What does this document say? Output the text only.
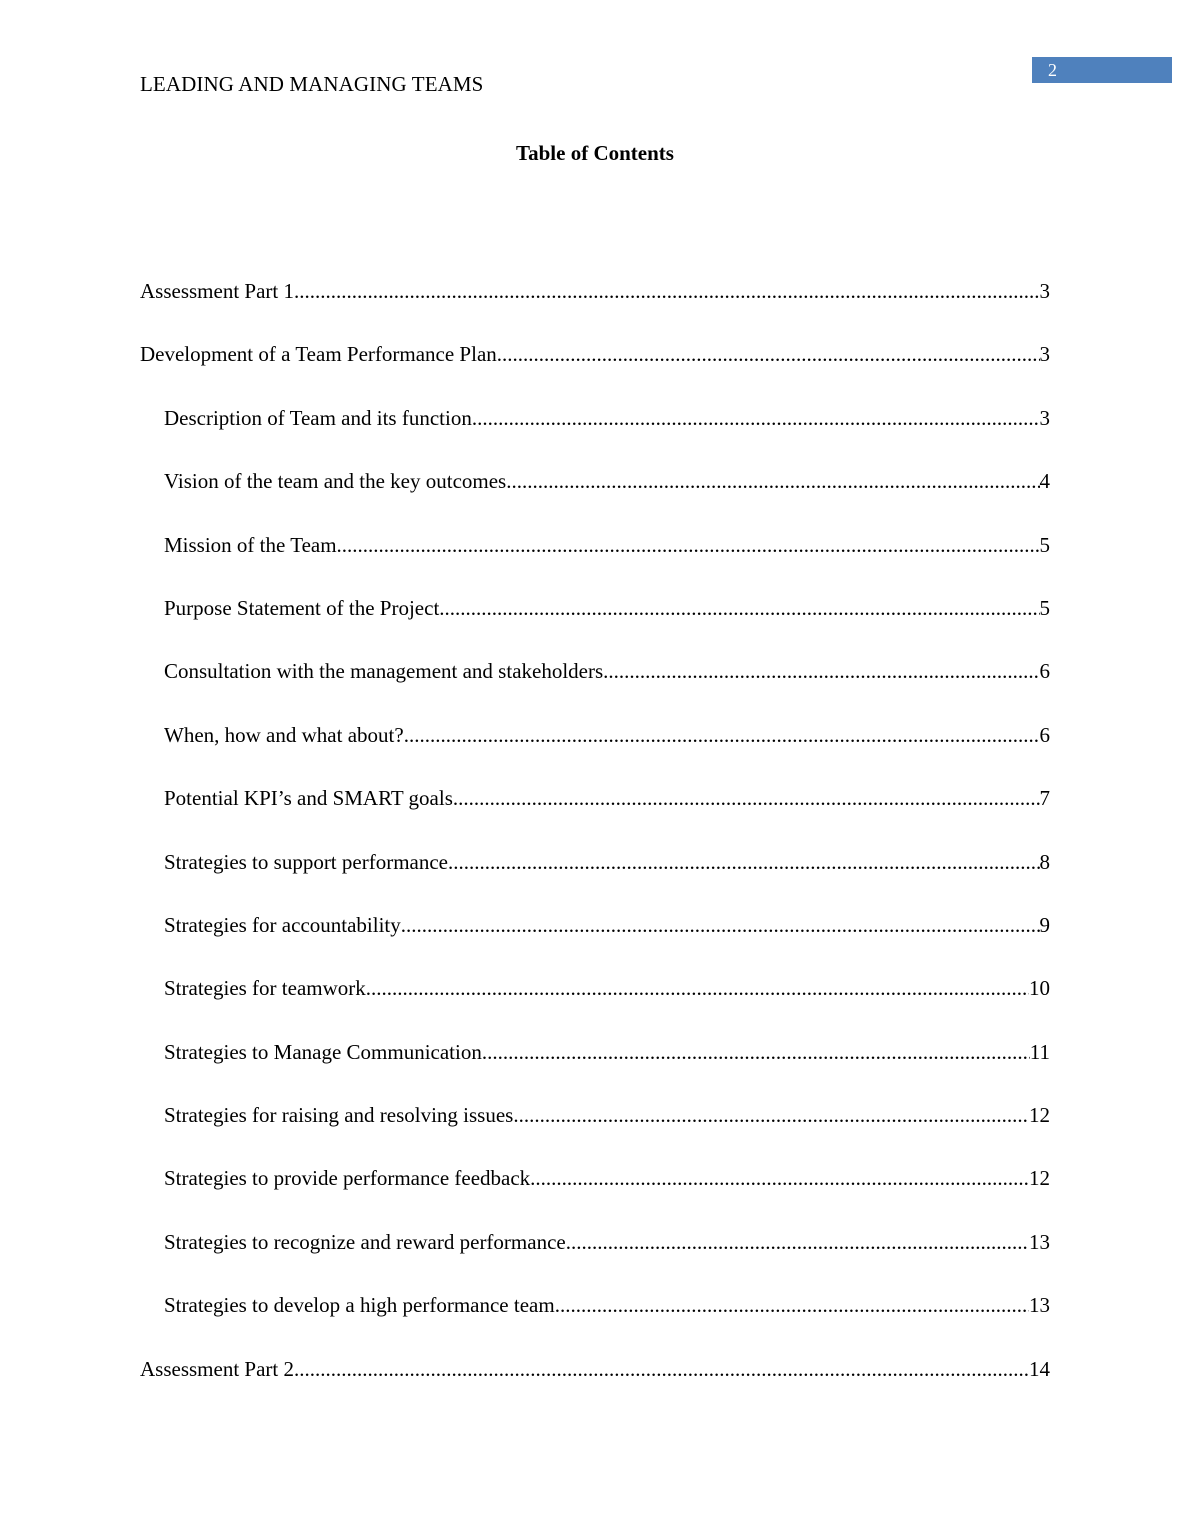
2
LEADING AND MANAGING TEAMS
Table of Contents
Assessment Part 1 .....	3
Development of a Team Performance Plan .....	3
Description of Team and its function .....	3
Vision of the team and the key outcomes .....	4
Mission of the Team .....	5
Purpose Statement of the Project .....	5
Consultation with the management and stakeholders .....	6
When, how and what about? .....	6
Potential KPI’s and SMART goals .....	7
Strategies to support performance .....	8
Strategies for accountability .....	9
Strategies for teamwork .....	10
Strategies to Manage Communication .....	11
Strategies for raising and resolving issues .....	12
Strategies to provide performance feedback .....	12
Strategies to recognize and reward performance .....	13
Strategies to develop a high performance team .....	13
Assessment Part 2 .....	14
